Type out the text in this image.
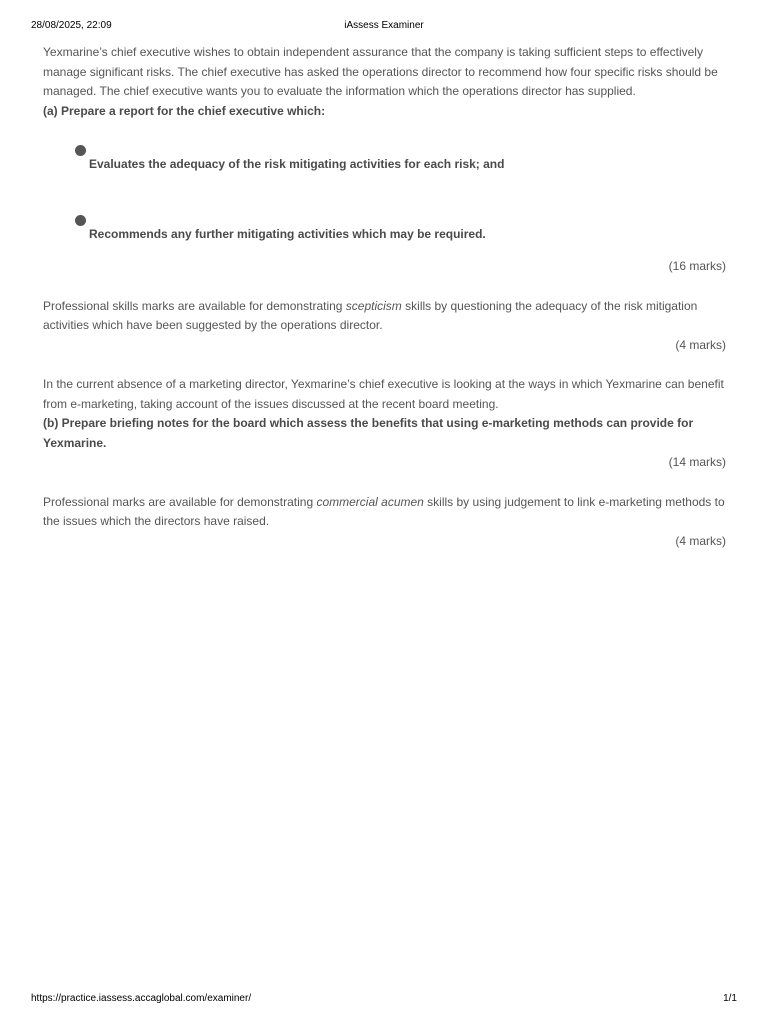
28/08/2025, 22:09	iAssess Examiner

Yexmarine’s chief executive wishes to obtain independent assurance that the company is taking sufficient steps to effectively manage significant risks. The chief executive has asked the operations director to recommend how four specific risks should be managed. The chief executive wants you to evaluate the information which the operations director has supplied.

(a) Prepare a report for the chief executive which:

Evaluates the adequacy of the risk mitigating activities for each risk; and
Recommends any further mitigating activities which may be required.

(16 marks)

Professional skills marks are available for demonstrating scepticism skills by questioning the adequacy of the risk mitigation activities which have been suggested by the operations director.

(4 marks)

In the current absence of a marketing director, Yexmarine’s chief executive is looking at the ways in which Yexmarine can benefit from e-marketing, taking account of the issues discussed at the recent board meeting.

(b) Prepare briefing notes for the board which assess the benefits that using e-marketing methods can provide for Yexmarine.

(14 marks)

Professional marks are available for demonstrating commercial acumen skills by using judgement to link e-marketing methods to the issues which the directors have raised.

(4 marks)

https://practice.iassess.accaglobal.com/examiner/	1/1
